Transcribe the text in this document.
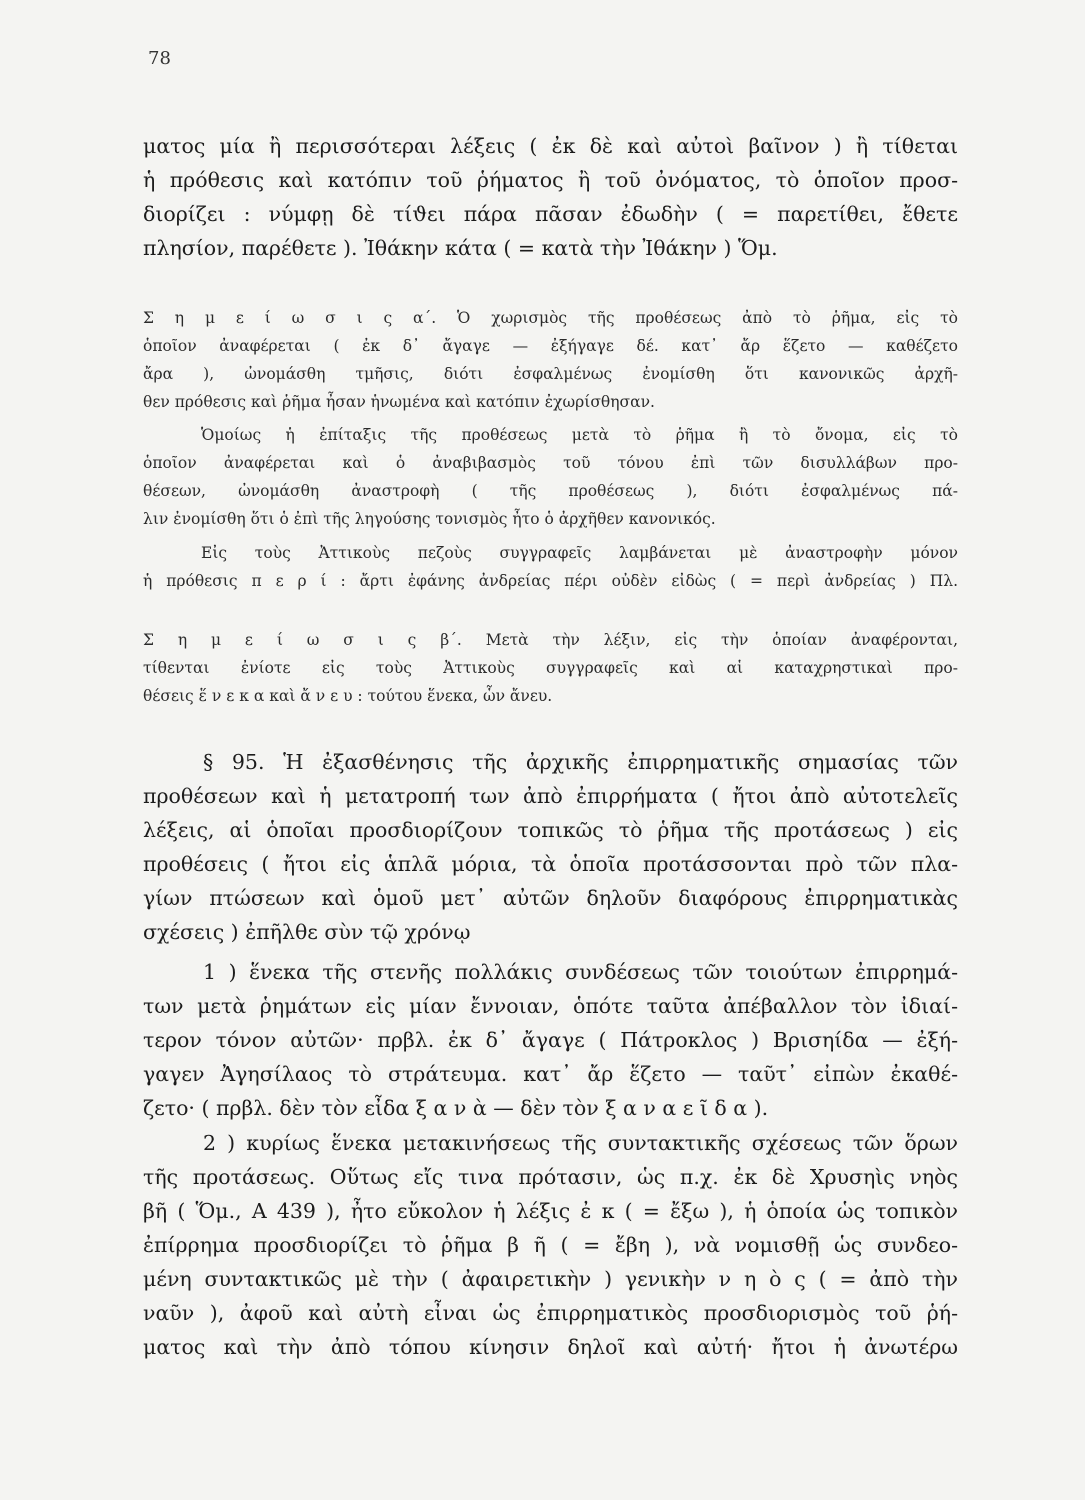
78
ματος μία ἢ περισσότεραι λέξεις ( ἐκ δὲ καὶ αὐτοὶ βαῖνον ) ἢ τίθεται
ἡ πρόθεσις καὶ κατόπιν τοῦ ῥήματος ἢ τοῦ ὀνόματος, τὸ ὁποῖον προσ-
διορίζει : νύμφῃ δὲ τίϑει πάρα πᾶσαν ἐδωδὴν ( = παρετίθει, ἔθετε
πλησίον, παρέθετε ). Ἰθάκην κάτα ( = κατὰ τὴν Ἰθάκην ) Ὅμ.
Σ η μ ε ί ω σ ι ς α΄. Ὁ χωρισμὸς τῆς προθέσεως ἀπὸ τὸ ῥῆμα, εἰς τὸ
ὁποῖον ἀναφέρεται ( ἐκ δ᾽ ἄγαγε — ἐξήγαγε δέ. κατ᾽ ἄρ ἕζετο — καθέζετο
ἄρα ), ὠνομάσθη τμῆσις, διότι ἐσφαλμένως ἐνομίσθη ὅτι κανονικῶς ἀρχῆ-
θεν πρόθεσις καὶ ῥῆμα ἦσαν ἡνωμένα καὶ κατόπιν ἐχωρίσθησαν.
Ὁμοίως ἡ ἐπίταξις τῆς προθέσεως μετὰ τὸ ῥῆμα ἢ τὸ ὄνομα, εἰς τὸ
ὁποῖον ἀναφέρεται καὶ ὁ ἀναβιβασμὸς τοῦ τόνου ἐπὶ τῶν δισυλλάβων προ-
θέσεων, ὠνομάσθη ἀναστροφὴ ( τῆς προθέσεως ), διότι ἐσφαλμένως πά-
λιν ἐνομίσθη ὅτι ὁ ἐπὶ τῆς ληγούσης τονισμὸς ἦτο ὁ ἀρχῆθεν κανονικός.
Εἰς τοὺς Ἀττικοὺς πεζοὺς συγγραφεῖς λαμβάνεται μὲ ἀναστροφὴν μόνον
ἡ πρόθεσις π ε ρ ί : ἄρτι ἐφάνης ἀνδρείας πέρι οὐδὲν εἰδὼς ( = περὶ ἀνδρείας ) Πλ.
Σ η μ ε ί ω σ ι ς β΄. Μετὰ τὴν λέξιν, εἰς τὴν ὁποίαν ἀναφέρονται,
τίθενται ἐνίοτε εἰς τοὺς Ἀττικοὺς συγγραφεῖς καὶ αἱ καταχρηστικαὶ προ-
θέσεις ἕ ν ε κ α καὶ ἄ ν ε υ : τούτου ἕνεκα, ὧν ἄνευ.
§ 95. Ἡ ἐξασθένησις τῆς ἀρχικῆς ἐπιρρηματικῆς σημασίας τῶν
προθέσεων καὶ ἡ μετατροπή των ἀπὸ ἐπιρρήματα ( ἤτοι ἀπὸ αὐτοτελεῖς
λέξεις, αἱ ὁποῖαι προσδιορίζουν τοπικῶς τὸ ῥῆμα τῆς προτάσεως ) εἰς
προθέσεις ( ἤτοι εἰς ἁπλᾶ μόρια, τὰ ὁποῖα προτάσσονται πρὸ τῶν πλα-
γίων πτώσεων καὶ ὁμοῦ μετ᾽ αὐτῶν δηλοῦν διαφόρους ἐπιρρηματικὰς
σχέσεις ) ἐπῆλθε σὺν τῷ χρόνῳ
1 ) ἕνεκα τῆς στενῆς πολλάκις συνδέσεως τῶν τοιούτων ἐπιρρημά-
των μετὰ ῥημάτων εἰς μίαν ἔννοιαν, ὁπότε ταῦτα ἀπέβαλλον τὸν ἰδιαί-
τερον τόνον αὐτῶν· πρβλ. ἐκ δ᾽ ἄγαγε ( Πάτροκλος ) Βρισηίδα — ἐξή-
γαγεν Ἀγησίλαος τὸ στράτευμα. κατ᾽ ἄρ ἕζετο — ταῦτ᾽ εἰπὼν ἐκαθέ-
ζετο· ( πρβλ. δὲν τὸν εἶδα ξ α ν ὰ — δὲν τὸν ξ α ν α ε ῖ δ α ).
2 ) κυρίως ἕνεκα μετακινήσεως τῆς συντακτικῆς σχέσεως τῶν ὅρων
τῆς προτάσεως. Οὕτως εἴς τινα πρότασιν, ὡς π.χ. ἐκ δὲ Χρυσηὶς νηὸς
βῆ ( Ὅμ., Α 439 ), ἦτο εὔκολον ἡ λέξις ἐ κ ( = ἔξω ), ἡ ὁποία ὡς τοπικὸν
ἐπίρρημα προσδιορίζει τὸ ῥῆμα β ῆ ( = ἔβη ), νὰ νομισθῇ ὡς συνδεο-
μένη συντακτικῶς μὲ τὴν ( ἀφαιρετικὴν ) γενικὴν ν η ὸ ς ( = ἀπὸ τὴν
ναῦν ), ἀφοῦ καὶ αὐτὴ εἶναι ὡς ἐπιρρηματικὸς προσδιορισμὸς τοῦ ῥή-
ματος καὶ τὴν ἀπὸ τόπου κίνησιν δηλοῖ καὶ αὐτή· ἤτοι ἡ ἀνωτέρω
